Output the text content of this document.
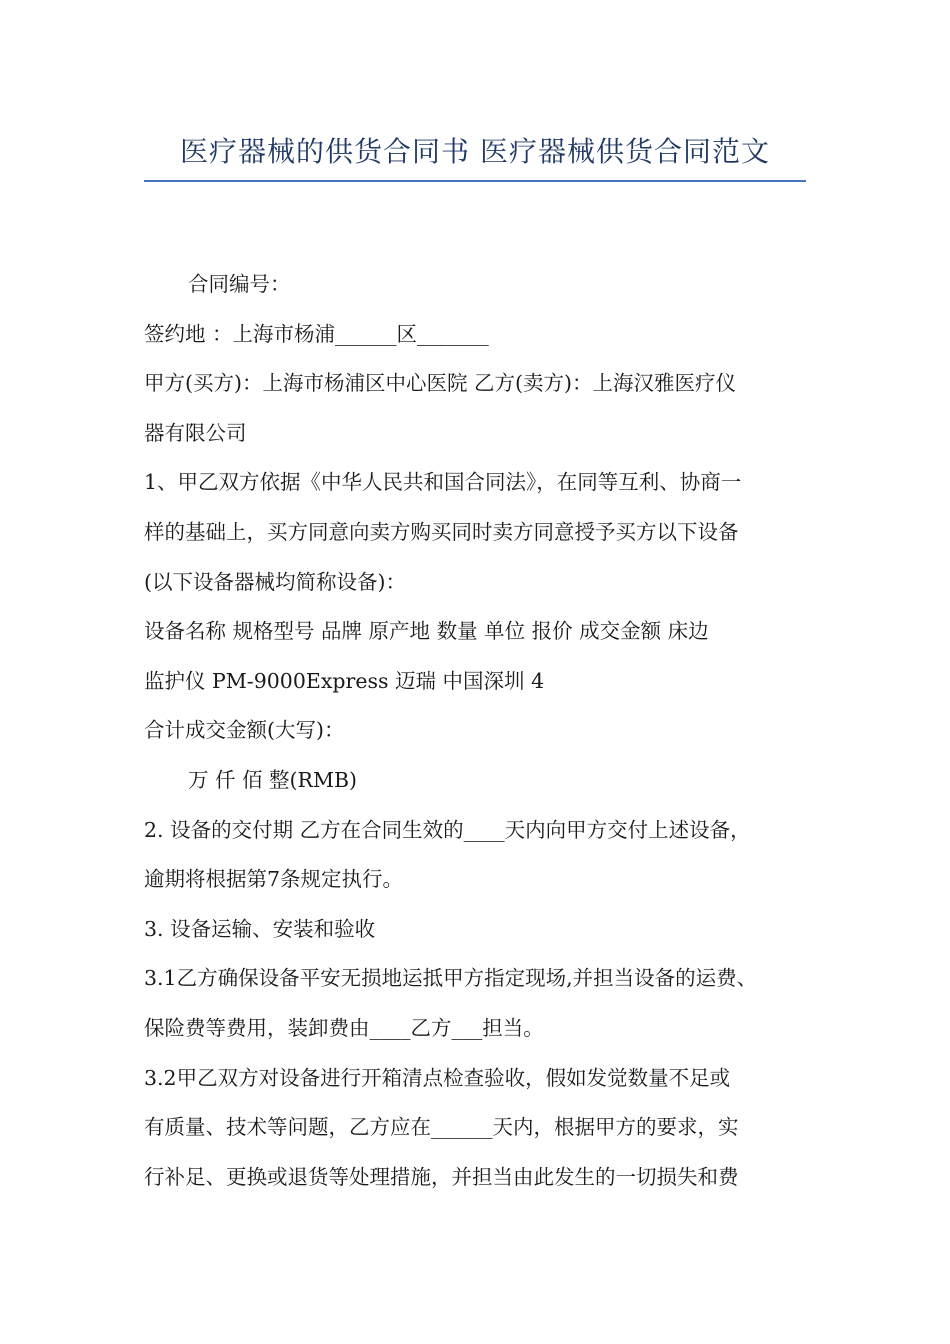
医疗器械的供货合同书 医疗器械供货合同范文
合同编号：
签约地 ：上海市杨浦______区_______
甲方(买方)：上海市杨浦区中心医院 乙方(卖方)：上海汉雅医疗仪
器有限公司
1、甲乙双方依据《中华人民共和国合同法》，在同等互利、协商一
样的基础上，买方同意向卖方购买同时卖方同意授予买方以下设备
(以下设备器械均简称设备)：
设备名称 规格型号 品牌 原产地 数量 单位 报价 成交金额 床边
监护仪 PM-9000Express 迈瑞 中国深圳 4
合计成交金额(大写)：
万 仟 佰 整(RMB)
2. 设备的交付期 乙方在合同生效的____天内向甲方交付上述设备，
逾期将根据第7条规定执行。
3. 设备运输、安装和验收
3.1乙方确保设备平安无损地运抵甲方指定现场,并担当设备的运费、
保险费等费用，装卸费由____乙方___担当。
3.2甲乙双方对设备进行开箱清点检查验收，假如发觉数量不足或
有质量、技术等问题，乙方应在______天内，根据甲方的要求，实
行补足、更换或退货等处理措施，并担当由此发生的一切损失和费
